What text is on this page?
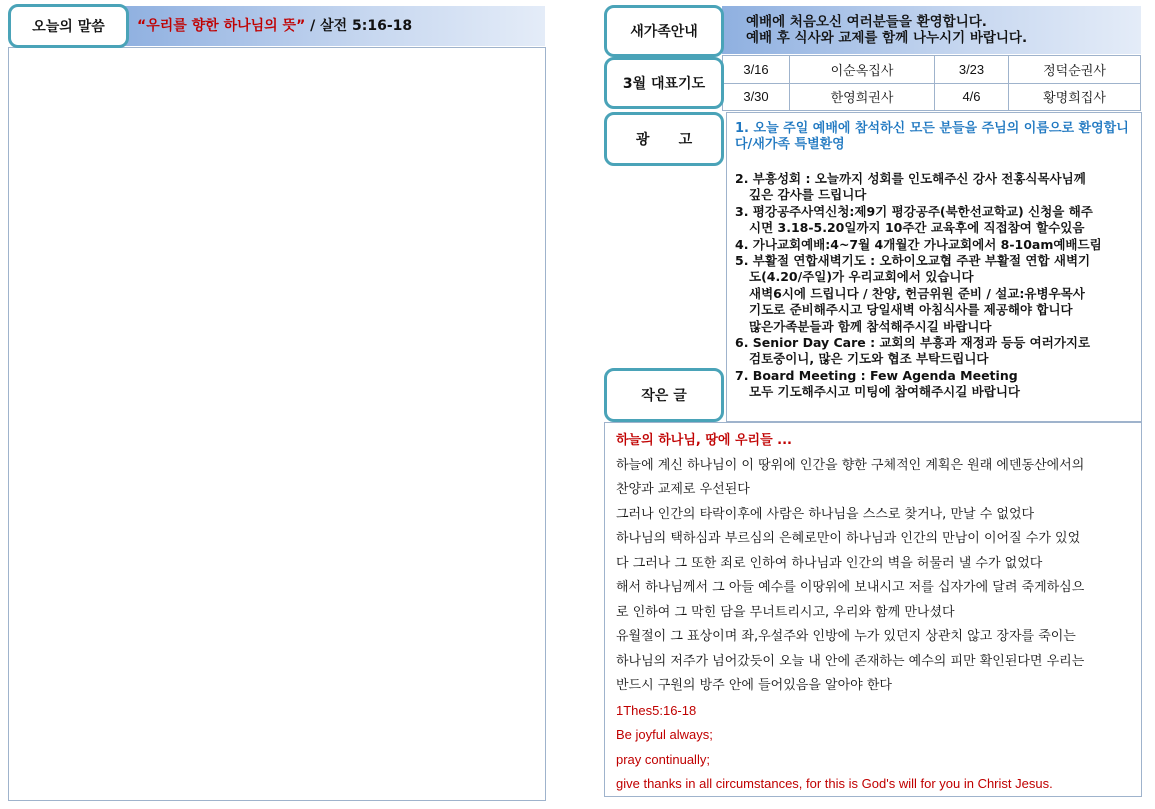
“우리를 향한 하나님의 뜻” / 살전 5:16-18
오늘의 말씀	예배에 처음오신 여러분들을 환영합니다.
예배 후 식사와 교제를 함께 나누시기 바랍니다.
새가족안내
3월 대표기도
3/16	이순옥집사	3/23	정덕순권사
3/30	한영희권사	4/6	황명희집사
1. 오늘 주일 예배에 참석하신 모든 분들을 주님의 이름으로 환영합니다/새가족 특별환영
2. 부흥성회 : 오늘까지 성회를 인도해주신 강사 전홍식목사님께
깊은 감사를 드립니다
3. 평강공주사역신청:제9기 평강공주(북한선교학교) 신청을 해주
시면 3.18-5.20일까지 10주간 교육후에 직접참여 할수있음
4. 가나교회예배:4~7월 4개월간 가나교회에서 8-10am예배드림
5. 부활절 연합새벽기도 : 오하이오교협 주관 부활절 연합 새벽기
도(4.20/주일)가 우리교회에서 있습니다
새벽6시에 드립니다 / 찬양, 헌금위원 준비 / 설교:유병우목사
기도로 준비해주시고 당일새벽 아침식사를 제공해야 합니다
많은가족분들과 함께 참석해주시길 바랍니다
6. Senior Day Care : 교회의 부흥과 재정과 등등 여러가지로
검토중이니, 많은 기도와 협조 부탁드립니다
7. Board Meeting : Few Agenda Meeting
모두 기도해주시고 미팅에 참여해주시길 바랍니다
광      고
작은 글
하늘의 하나님, 땅에 우리들 ...
하늘에 계신 하나님이 이 땅위에 인간을 향한 구체적인 계획은 원래 에덴동산에서의
찬양과 교제로 우선된다
그러나 인간의 타락이후에 사람은 하나님을 스스로 찾거나, 만날 수 없었다
하나님의 택하심과 부르심의 은혜로만이 하나님과 인간의 만남이 이어질 수가 있었
다 그러나 그 또한 죄로 인하여 하나님과 인간의 벽을 허물러 낼 수가 없었다
해서 하나님께서 그 아들 예수를 이땅위에 보내시고 저를 십자가에 달려 죽게하심으
로 인하여 그 막힌 담을 무너트리시고, 우리와 함께 만나셨다
유월절이 그 표상이며 좌,우설주와 인방에 누가 있던지 상관치 않고 장자를 죽이는
하나님의 저주가 넘어갔듯이 오늘 내 안에 존재하는 예수의 피만 확인된다면 우리는
반드시 구원의 방주 안에 들어있음을 알아야 한다
1Thes5:16-18
Be joyful always;
pray continually;
give thanks in all circumstances, for this is God's will for you in Christ Jesus.
